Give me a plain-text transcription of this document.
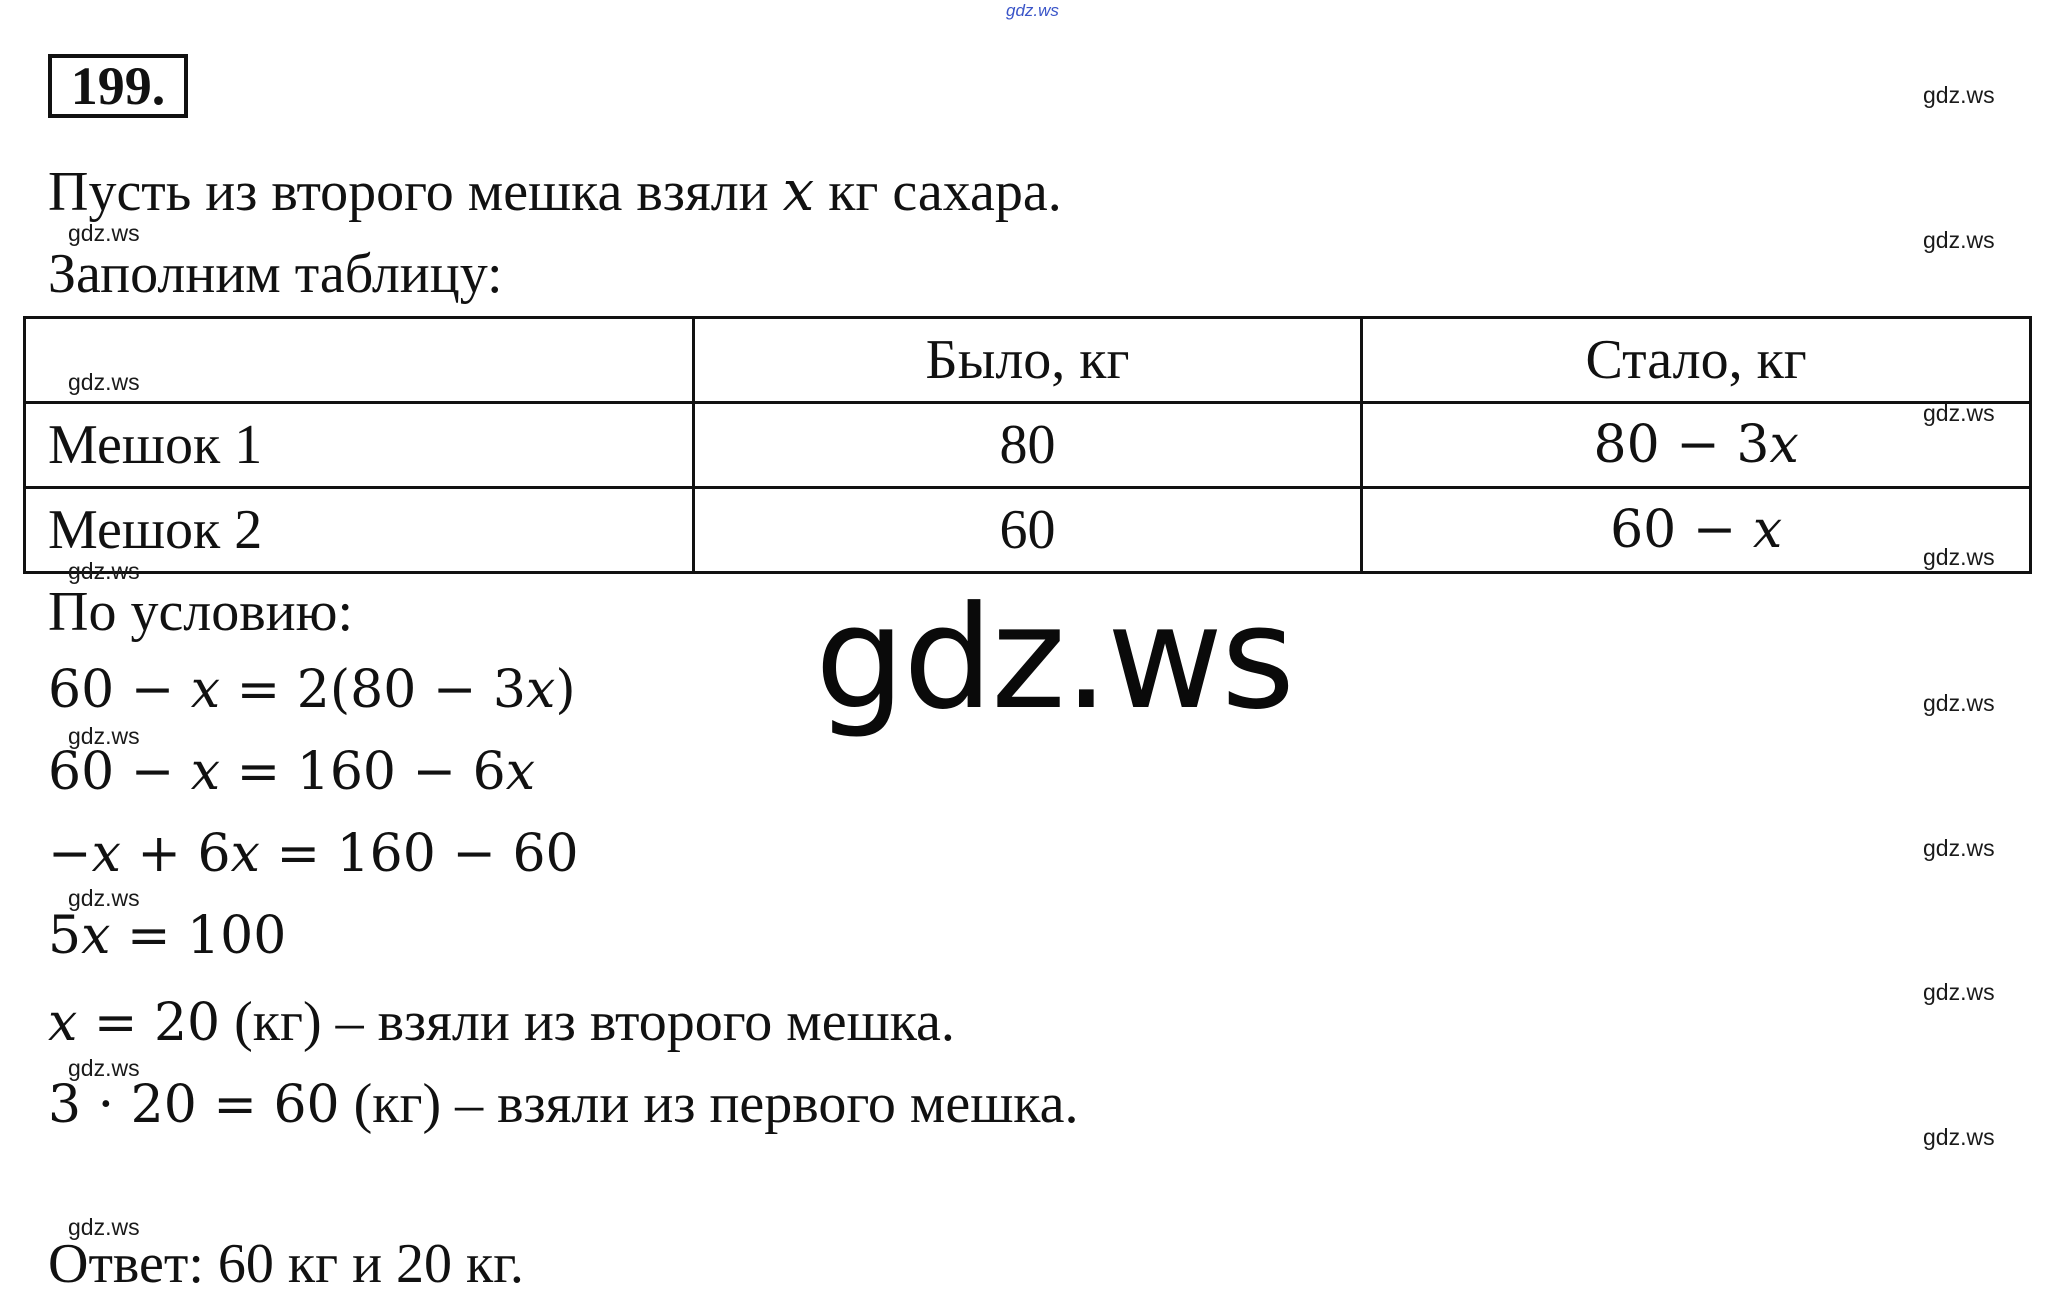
gdz.ws
199.
Пусть из второго мешка взяли x кг сахара.
Заполним таблицу:
	Было, кг	Стало, кг
Мешок 1	80	80 − 3x
Мешок 2	60	60 − x
По условию:
60 − x = 2(80 − 3x)
60 − x = 160 − 6x
−x + 6x = 160 − 60
5x = 100
x = 20 (кг) – взяли из второго мешка.
3 · 20 = 60 (кг) – взяли из первого мешка.
Ответ: 60 кг и 20 кг.
gdz.ws
gdz.ws
gdz.ws
gdz.ws
gdz.ws
gdz.ws
gdz.ws
gdz.ws
gdz.ws
gdz.ws
gdz.ws
gdz.ws
gdz.ws
gdz.ws
gdz.ws
gdz.ws
